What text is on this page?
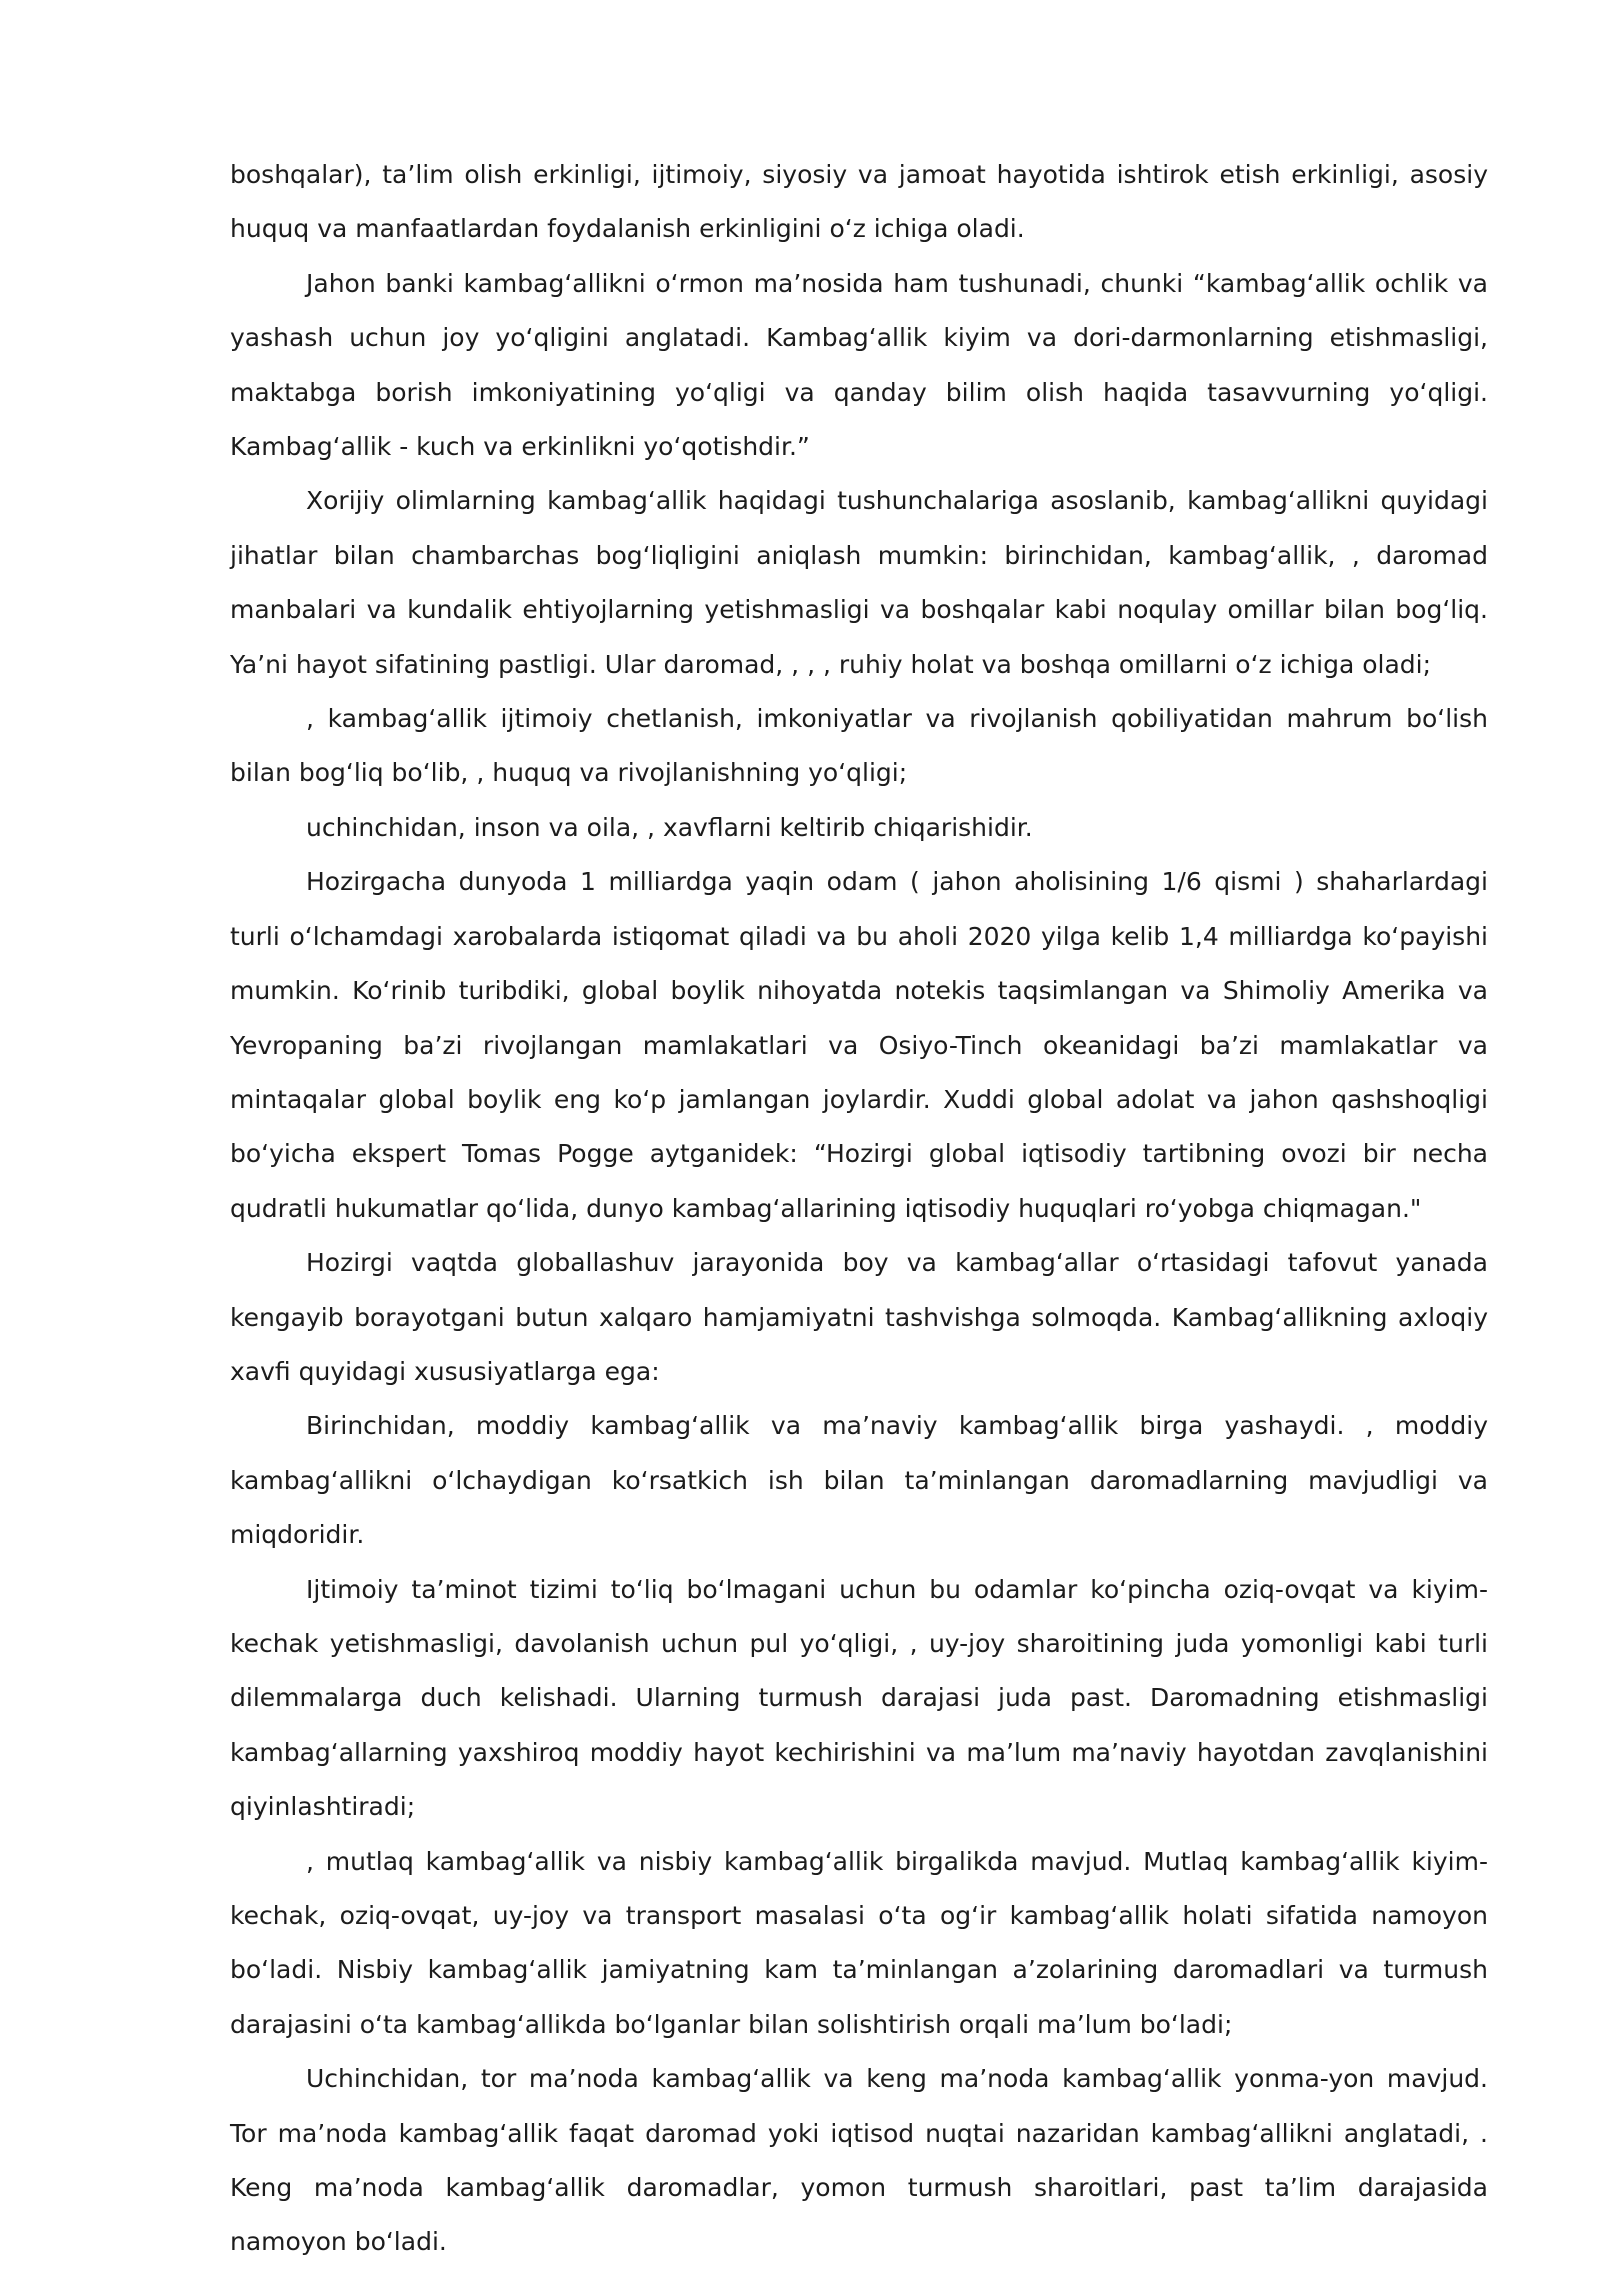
boshqalar), ta’lim olish erkinligi, ijtimoiy, siyosiy va jamoat hayotida ishtirok etish erkinligi, asosiy huquq va manfaatlardan foydalanish erkinligini oʻz ichiga oladi.

Jahon banki kambagʻallikni oʻrmon ma’nosida ham tushunadi, chunki “kambagʻallik ochlik va yashash uchun joy yoʻqligini anglatadi. Kambagʻallik kiyim va dori-darmonlarning etishmasligi, maktabga borish imkoniyatining yoʻqligi va qanday bilim olish haqida tasavvurning yoʻqligi. Kambagʻallik - kuch va erkinlikni yoʻqotishdir.”

Xorijiy olimlarning kambagʻallik haqidagi tushunchalariga asoslanib, kambagʻallikni quyidagi jihatlar bilan chambarchas bogʻliqligini aniqlash mumkin: birinchidan, kambagʻallik, , daromad manbalari va kundalik ehtiyojlarning yetishmasligi va boshqalar kabi noqulay omillar bilan bogʻliq. Ya’ni hayot sifatining pastligi. Ular daromad, , , , ruhiy holat va boshqa omillarni oʻz ichiga oladi;

, kambagʻallik ijtimoiy chetlanish, imkoniyatlar va rivojlanish qobiliyatidan mahrum boʻlish bilan bogʻliq boʻlib, , huquq va rivojlanishning yoʻqligi;

uchinchidan, inson va oila, , xavflarni keltirib chiqarishidir.

Hozirgacha dunyoda 1 milliardga yaqin odam ( jahon aholisining 1/6 qismi ) shaharlardagi turli oʻlchamdagi xarobalarda istiqomat qiladi va bu aholi 2020 yilga kelib 1,4 milliardga koʻpayishi mumkin. Koʻrinib turibdiki, global boylik nihoyatda notekis taqsimlangan va Shimoliy Amerika va Yevropaning ba’zi rivojlangan mamlakatlari va Osiyo-Tinch okeanidagi ba’zi mamlakatlar va mintaqalar global boylik eng koʻp jamlangan joylardir. Xuddi global adolat va jahon qashshoqligi boʻyicha ekspert Tomas Pogge aytganidek: “Hozirgi global iqtisodiy tartibning ovozi bir necha qudratli hukumatlar qoʻlida, dunyo kambagʻallarining iqtisodiy huquqlari roʻyobga chiqmagan."

Hozirgi vaqtda globallashuv jarayonida boy va kambagʻallar oʻrtasidagi tafovut yanada kengayib borayotgani butun xalqaro hamjamiyatni tashvishga solmoqda. Kambagʻallikning axloqiy xavfi quyidagi xususiyatlarga ega:

Birinchidan, moddiy kambagʻallik va ma’naviy kambagʻallik birga yashaydi. , moddiy kambagʻallikni oʻlchaydigan koʻrsatkich ish bilan ta’minlangan daromadlarning mavjudligi va miqdoridir.

Ijtimoiy ta’minot tizimi toʻliq boʻlmagani uchun bu odamlar koʻpincha oziq-ovqat va kiyim-kechak yetishmasligi, davolanish uchun pul yoʻqligi, , uy-joy sharoitining juda yomonligi kabi turli dilemmalarga duch kelishadi. Ularning turmush darajasi juda past. Daromadning etishmasligi kambagʻallarning yaxshiroq moddiy hayot kechirishini va ma’lum ma’naviy hayotdan zavqlanishini qiyinlashtiradi;

, mutlaq kambagʻallik va nisbiy kambagʻallik birgalikda mavjud. Mutlaq kambagʻallik kiyim-kechak, oziq-ovqat, uy-joy va transport masalasi oʻta ogʻir kambagʻallik holati sifatida namoyon boʻladi. Nisbiy kambagʻallik jamiyatning kam ta’minlangan a’zolarining daromadlari va turmush darajasini oʻta kambagʻallikda boʻlganlar bilan solishtirish orqali ma’lum boʻladi;

Uchinchidan, tor ma’noda kambagʻallik va keng ma’noda kambagʻallik yonma-yon mavjud. Tor ma’noda kambagʻallik faqat daromad yoki iqtisod nuqtai nazaridan kambagʻallikni anglatadi, . Keng ma’noda kambagʻallik daromadlar, yomon turmush sharoitlari, past ta’lim darajasida namoyon boʻladi.
